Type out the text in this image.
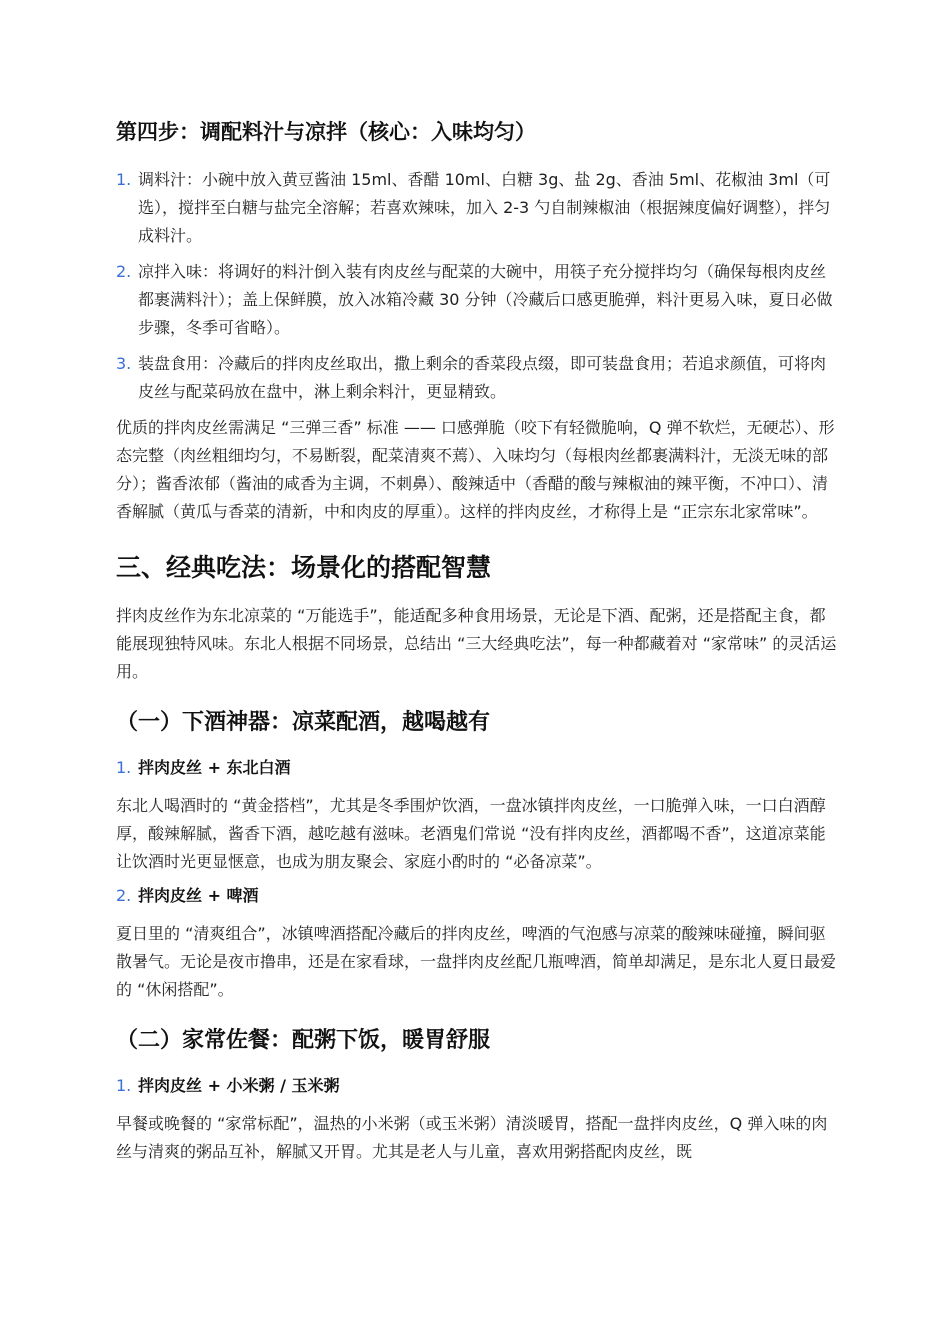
第四步：调配料汁与凉拌（核心：入味均匀）
1. 调料汁：小碗中放入黄豆酱油 15ml、香醋 10ml、白糖 3g、盐 2g、香油 5ml、花椒油 3ml（可选），搅拌至白糖与盐完全溶解；若喜欢辣味，加入 2-3 勺自制辣椒油（根据辣度偏好调整），拌匀成料汁。
2. 凉拌入味：将调好的料汁倒入装有肉皮丝与配菜的大碗中，用筷子充分搅拌均匀（确保每根肉皮丝都裹满料汁）；盖上保鲜膜，放入冰箱冷藏 30 分钟（冷藏后口感更脆弹，料汁更易入味，夏日必做步骤，冬季可省略）。
3. 装盘食用：冷藏后的拌肉皮丝取出，撒上剩余的香菜段点缀，即可装盘食用；若追求颜值，可将肉皮丝与配菜码放在盘中，淋上剩余料汁，更显精致。

优质的拌肉皮丝需满足 “三弹三香” 标准 —— 口感弹脆（咬下有轻微脆响，Q 弹不软烂，无硬芯）、形态完整（肉丝粗细均匀，不易断裂，配菜清爽不蔫）、入味均匀（每根肉丝都裹满料汁，无淡无味的部分）；酱香浓郁（酱油的咸香为主调，不刺鼻）、酸辣适中（香醋的酸与辣椒油的辣平衡，不冲口）、清香解腻（黄瓜与香菜的清新，中和肉皮的厚重）。这样的拌肉皮丝，才称得上是 “正宗东北家常味”。

三、经典吃法：场景化的搭配智慧

拌肉皮丝作为东北凉菜的 “万能选手”，能适配多种食用场景，无论是下酒、配粥，还是搭配主食，都能展现独特风味。东北人根据不同场景，总结出 “三大经典吃法”，每一种都藏着对 “家常味” 的灵活运用。

（一）下酒神器：凉菜配酒，越喝越有
1. 拌肉皮丝 + 东北白酒

东北人喝酒时的 “黄金搭档”，尤其是冬季围炉饮酒，一盘冰镇拌肉皮丝，一口脆弹入味，一口白酒醇厚，酸辣解腻，酱香下酒，越吃越有滋味。老酒鬼们常说 “没有拌肉皮丝，酒都喝不香”，这道凉菜能让饮酒时光更显惬意，也成为朋友聚会、家庭小酌时的 “必备凉菜”。

2. 拌肉皮丝 + 啤酒

夏日里的 “清爽组合”，冰镇啤酒搭配冷藏后的拌肉皮丝，啤酒的气泡感与凉菜的酸辣味碰撞，瞬间驱散暑气。无论是夜市撸串，还是在家看球，一盘拌肉皮丝配几瓶啤酒，简单却满足，是东北人夏日最爱的 “休闲搭配”。

（二）家常佐餐：配粥下饭，暖胃舒服
1. 拌肉皮丝 + 小米粥 / 玉米粥

早餐或晚餐的 “家常标配”，温热的小米粥（或玉米粥）清淡暖胃，搭配一盘拌肉皮丝，Q 弹入味的肉丝与清爽的粥品互补，解腻又开胃。尤其是老人与儿童，喜欢用粥搭配肉皮丝，既
